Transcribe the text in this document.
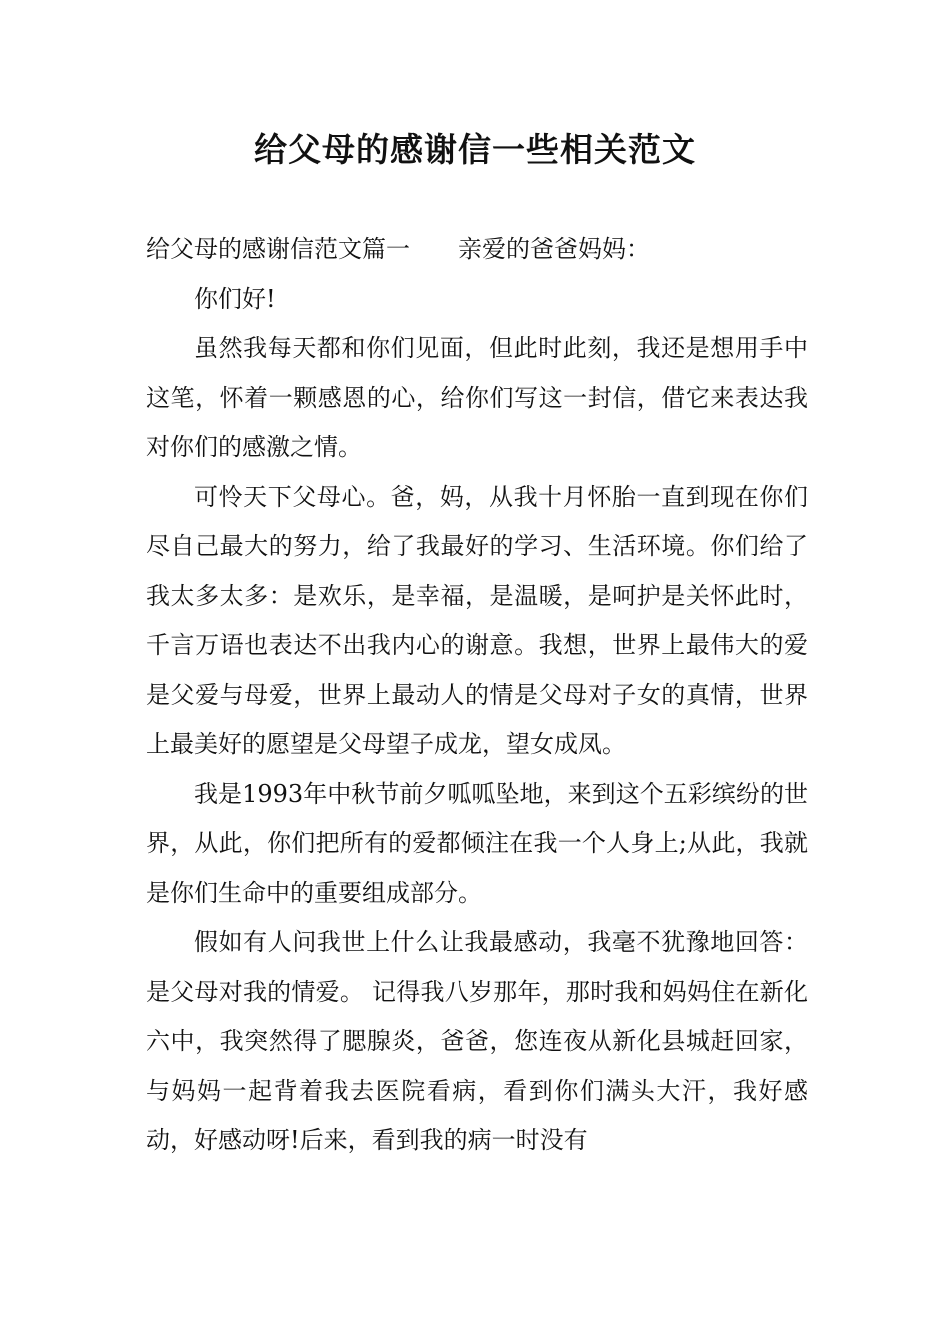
给父母的感谢信一些相关范文

给父母的感谢信范文篇一 亲爱的爸爸妈妈：

你们好!

虽然我每天都和你们见面，但此时此刻，我还是想用手中这笔，怀着一颗感恩的心，给你们写这一封信，借它来表达我对你们的感激之情。

可怜天下父母心。爸，妈，从我十月怀胎一直到现在你们尽自己最大的努力，给了我最好的学习、生活环境。你们给了我太多太多：是欢乐，是幸福，是温暖，是呵护是关怀此时，千言万语也表达不出我内心的谢意。我想，世界上最伟大的爱是父爱与母爱，世界上最动人的情是父母对子女的真情，世界上最美好的愿望是父母望子成龙，望女成凤。

我是1993年中秋节前夕呱呱坠地，来到这个五彩缤纷的世界，从此，你们把所有的爱都倾注在我一个人身上;从此，我就是你们生命中的重要组成部分。

假如有人问我世上什么让我最感动，我毫不犹豫地回答：是父母对我的情爱。 记得我八岁那年，那时我和妈妈住在新化六中，我突然得了腮腺炎，爸爸，您连夜从新化县城赶回家，与妈妈一起背着我去医院看病，看到你们满头大汗，我好感动，好感动呀!后来，看到我的病一时没有
